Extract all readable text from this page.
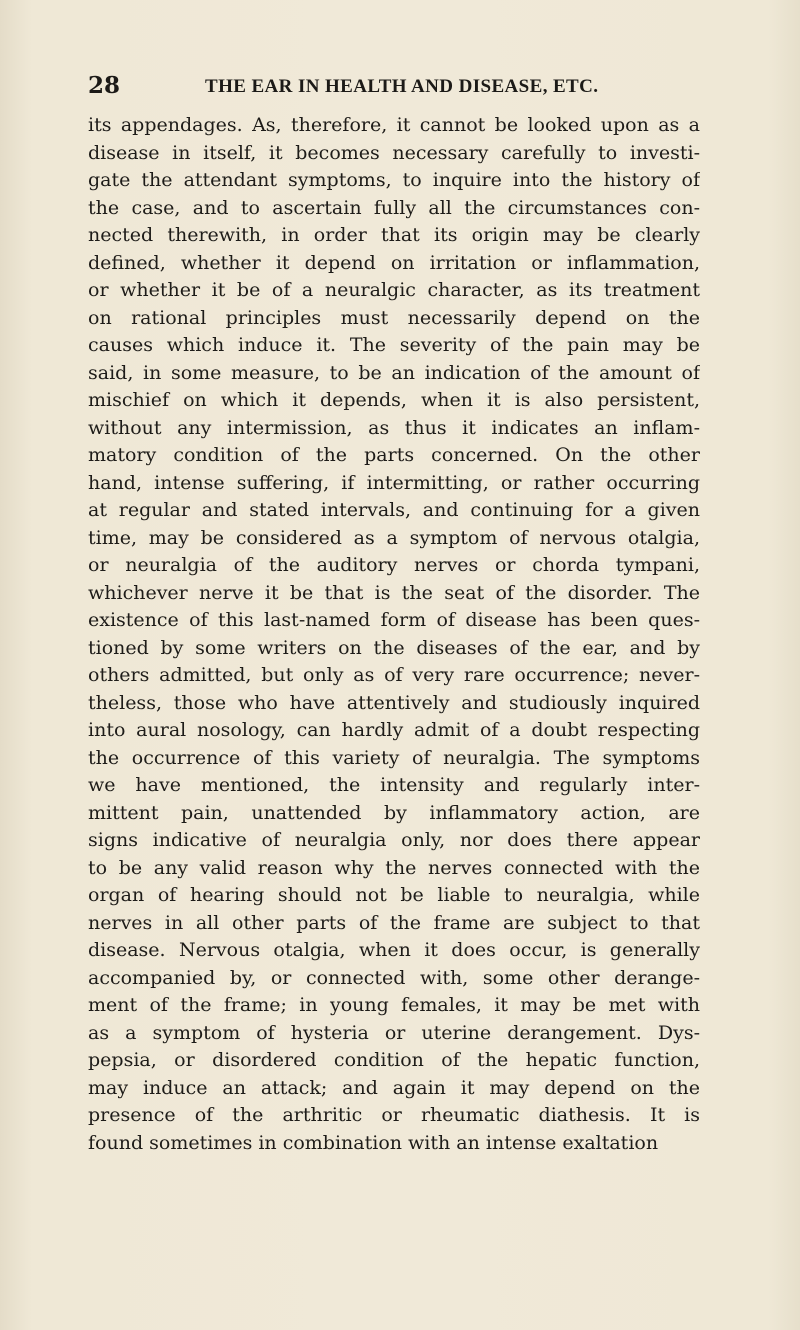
28	THE EAR IN HEALTH AND DISEASE, ETC.
its appendages. As, therefore, it cannot be looked upon as a
disease in itself, it becomes necessary carefully to investi-
gate the attendant symptoms, to inquire into the history of
the case, and to ascertain fully all the circumstances con-
nected therewith, in order that its origin may be clearly
defined, whether it depend on irritation or inflammation,
or whether it be of a neuralgic character, as its treatment
on rational principles must necessarily depend on the
causes which induce it. The severity of the pain may be
said, in some measure, to be an indication of the amount of
mischief on which it depends, when it is also persistent,
without any intermission, as thus it indicates an inflam-
matory condition of the parts concerned. On the other
hand, intense suffering, if intermitting, or rather occurring
at regular and stated intervals, and continuing for a given
time, may be considered as a symptom of nervous otalgia,
or neuralgia of the auditory nerves or chorda tympani,
whichever nerve it be that is the seat of the disorder. The
existence of this last-named form of disease has been ques-
tioned by some writers on the diseases of the ear, and by
others admitted, but only as of very rare occurrence; never-
theless, those who have attentively and studiously inquired
into aural nosology, can hardly admit of a doubt respecting
the occurrence of this variety of neuralgia. The symptoms
we have mentioned, the intensity and regularly inter-
mittent pain, unattended by inflammatory action, are
signs indicative of neuralgia only, nor does there appear
to be any valid reason why the nerves connected with the
organ of hearing should not be liable to neuralgia, while
nerves in all other parts of the frame are subject to that
disease. Nervous otalgia, when it does occur, is generally
accompanied by, or connected with, some other derange-
ment of the frame; in young females, it may be met with
as a symptom of hysteria or uterine derangement. Dys-
pepsia, or disordered condition of the hepatic function,
may induce an attack; and again it may depend on the
presence of the arthritic or rheumatic diathesis. It is
found sometimes in combination with an intense exaltation
